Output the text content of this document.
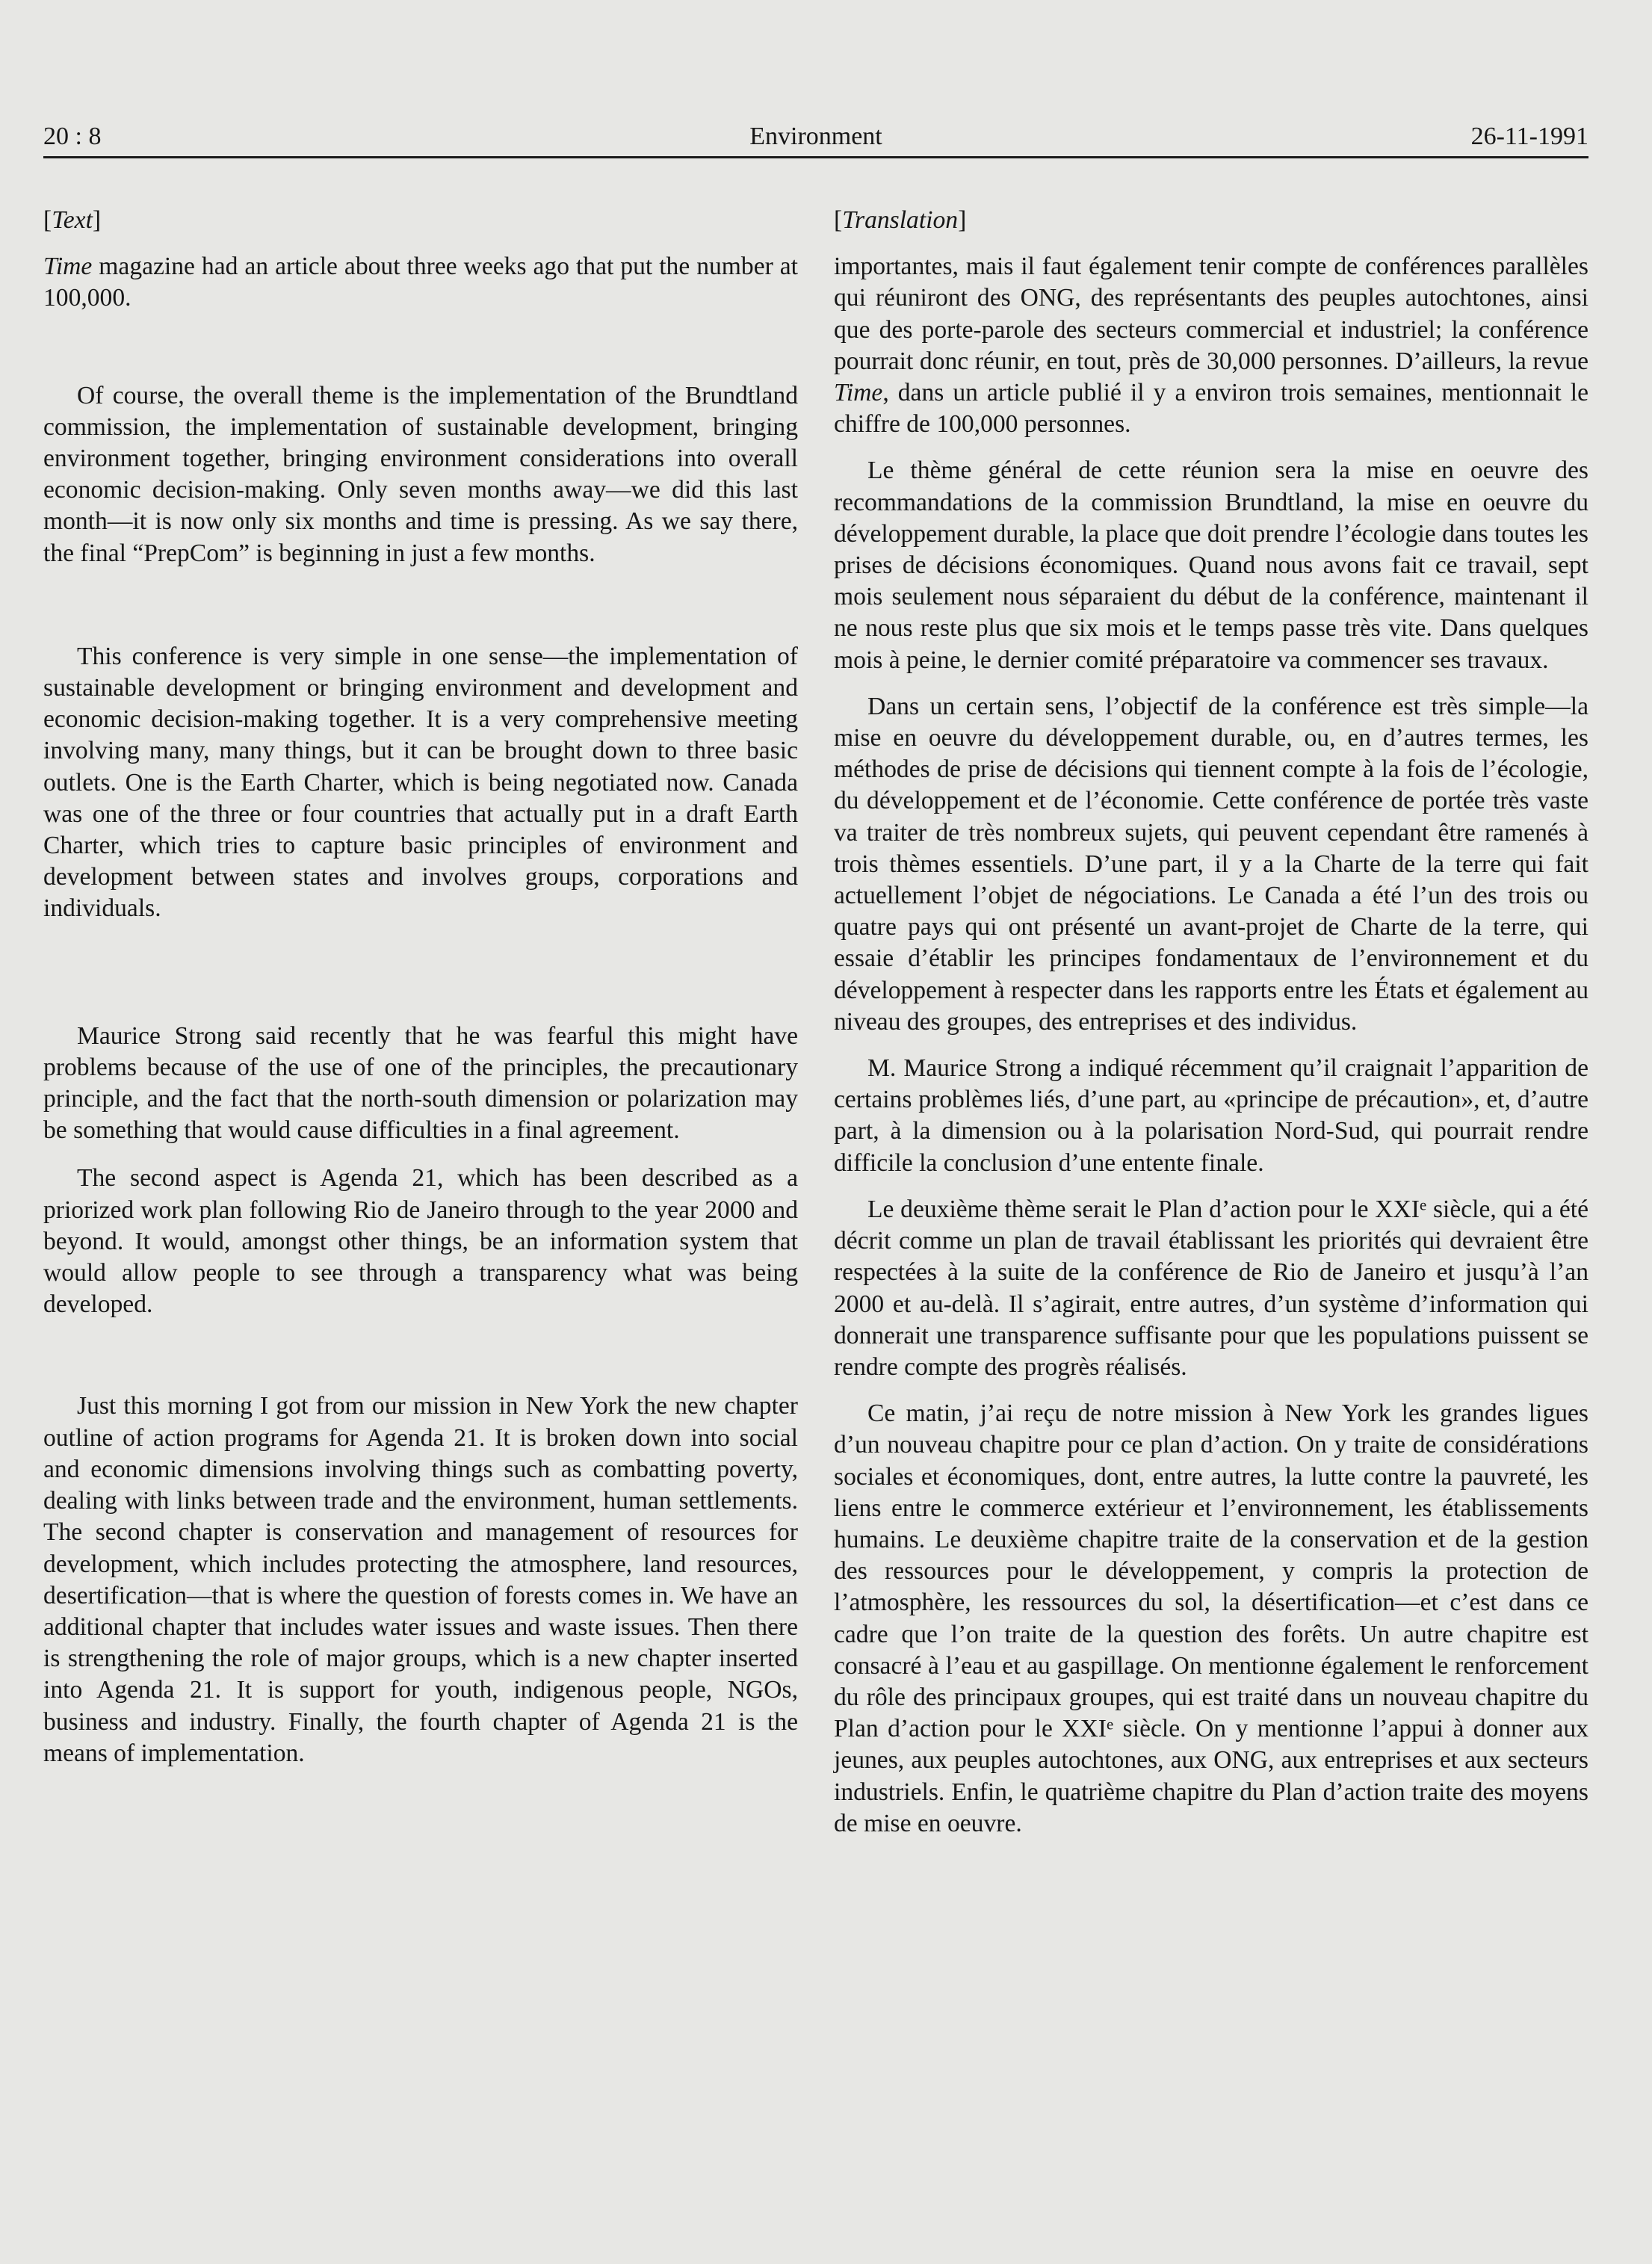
20 : 8	Environment	26-11-1991
[Text]

Time magazine had an article about three weeks ago that put the number at 100,000.

Of course, the overall theme is the implementation of the Brundtland commission, the implementation of sustainable development, bringing environment together, bringing environment considerations into overall economic decision-making. Only seven months away—we did this last month—it is now only six months and time is pressing. As we say there, the final “PrepCom” is beginning in just a few months.

This conference is very simple in one sense—the implementation of sustainable development or bringing environment and development and economic decision-making together. It is a very comprehensive meeting involving many, many things, but it can be brought down to three basic outlets. One is the Earth Charter, which is being negotiated now. Canada was one of the three or four countries that actually put in a draft Earth Charter, which tries to capture basic principles of environment and development between states and involves groups, corporations and individuals.

Maurice Strong said recently that he was fearful this might have problems because of the use of one of the principles, the precautionary principle, and the fact that the north-south dimension or polarization may be something that would cause difficulties in a final agreement.

The second aspect is Agenda 21, which has been described as a priorized work plan following Rio de Janeiro through to the year 2000 and beyond. It would, amongst other things, be an information system that would allow people to see through a transparency what was being developed.

Just this morning I got from our mission in New York the new chapter outline of action programs for Agenda 21. It is broken down into social and economic dimensions involving things such as combatting poverty, dealing with links between trade and the environment, human settlements. The second chapter is conservation and management of resources for development, which includes protecting the atmosphere, land resources, desertification—that is where the question of forests comes in. We have an additional chapter that includes water issues and waste issues. Then there is strengthening the role of major groups, which is a new chapter inserted into Agenda 21. It is support for youth, indigenous people, NGOs, business and industry. Finally, the fourth chapter of Agenda 21 is the means of implementation.

[Translation]

importantes, mais il faut également tenir compte de conférences parallèles qui réuniront des ONG, des représentants des peuples autochtones, ainsi que des porte-parole des secteurs commercial et industriel; la conférence pourrait donc réunir, en tout, près de 30,000 personnes. D’ailleurs, la revue Time, dans un article publié il y a environ trois semaines, mentionnait le chiffre de 100,000 personnes.

Le thème général de cette réunion sera la mise en oeuvre des recommandations de la commission Brundtland, la mise en oeuvre du développement durable, la place que doit prendre l’écologie dans toutes les prises de décisions économiques. Quand nous avons fait ce travail, sept mois seulement nous séparaient du début de la conférence, maintenant il ne nous reste plus que six mois et le temps passe très vite. Dans quelques mois à peine, le dernier comité préparatoire va commencer ses travaux.

Dans un certain sens, l’objectif de la conférence est très simple—la mise en oeuvre du développement durable, ou, en d’autres termes, les méthodes de prise de décisions qui tiennent compte à la fois de l’écologie, du développement et de l’économie. Cette conférence de portée très vaste va traiter de très nombreux sujets, qui peuvent cependant être ramenés à trois thèmes essentiels. D’une part, il y a la Charte de la terre qui fait actuellement l’objet de négociations. Le Canada a été l’un des trois ou quatre pays qui ont présenté un avant-projet de Charte de la terre, qui essaie d’établir les principes fondamentaux de l’environnement et du développement à respecter dans les rapports entre les États et également au niveau des groupes, des entreprises et des individus.

M. Maurice Strong a indiqué récemment qu’il craignait l’apparition de certains problèmes liés, d’une part, au «principe de précaution», et, d’autre part, à la dimension ou à la polarisation Nord-Sud, qui pourrait rendre difficile la conclusion d’une entente finale.

Le deuxième thème serait le Plan d’action pour le XXIe siècle, qui a été décrit comme un plan de travail établissant les priorités qui devraient être respectées à la suite de la conférence de Rio de Janeiro et jusqu’à l’an 2000 et au-delà. Il s’agirait, entre autres, d’un système d’information qui donnerait une transparence suffisante pour que les populations puissent se rendre compte des progrès réalisés.

Ce matin, j’ai reçu de notre mission à New York les grandes ligues d’un nouveau chapitre pour ce plan d’action. On y traite de considérations sociales et économiques, dont, entre autres, la lutte contre la pauvreté, les liens entre le commerce extérieur et l’environnement, les établissements humains. Le deuxième chapitre traite de la conservation et de la gestion des ressources pour le développement, y compris la protection de l’atmosphère, les ressources du sol, la désertification—et c’est dans ce cadre que l’on traite de la question des forêts. Un autre chapitre est consacré à l’eau et au gaspillage. On mentionne également le renforcement du rôle des principaux groupes, qui est traité dans un nouveau chapitre du Plan d’action pour le XXIe siècle. On y mentionne l’appui à donner aux jeunes, aux peuples autochtones, aux ONG, aux entreprises et aux secteurs industriels. Enfin, le quatrième chapitre du Plan d’action traite des moyens de mise en oeuvre.
